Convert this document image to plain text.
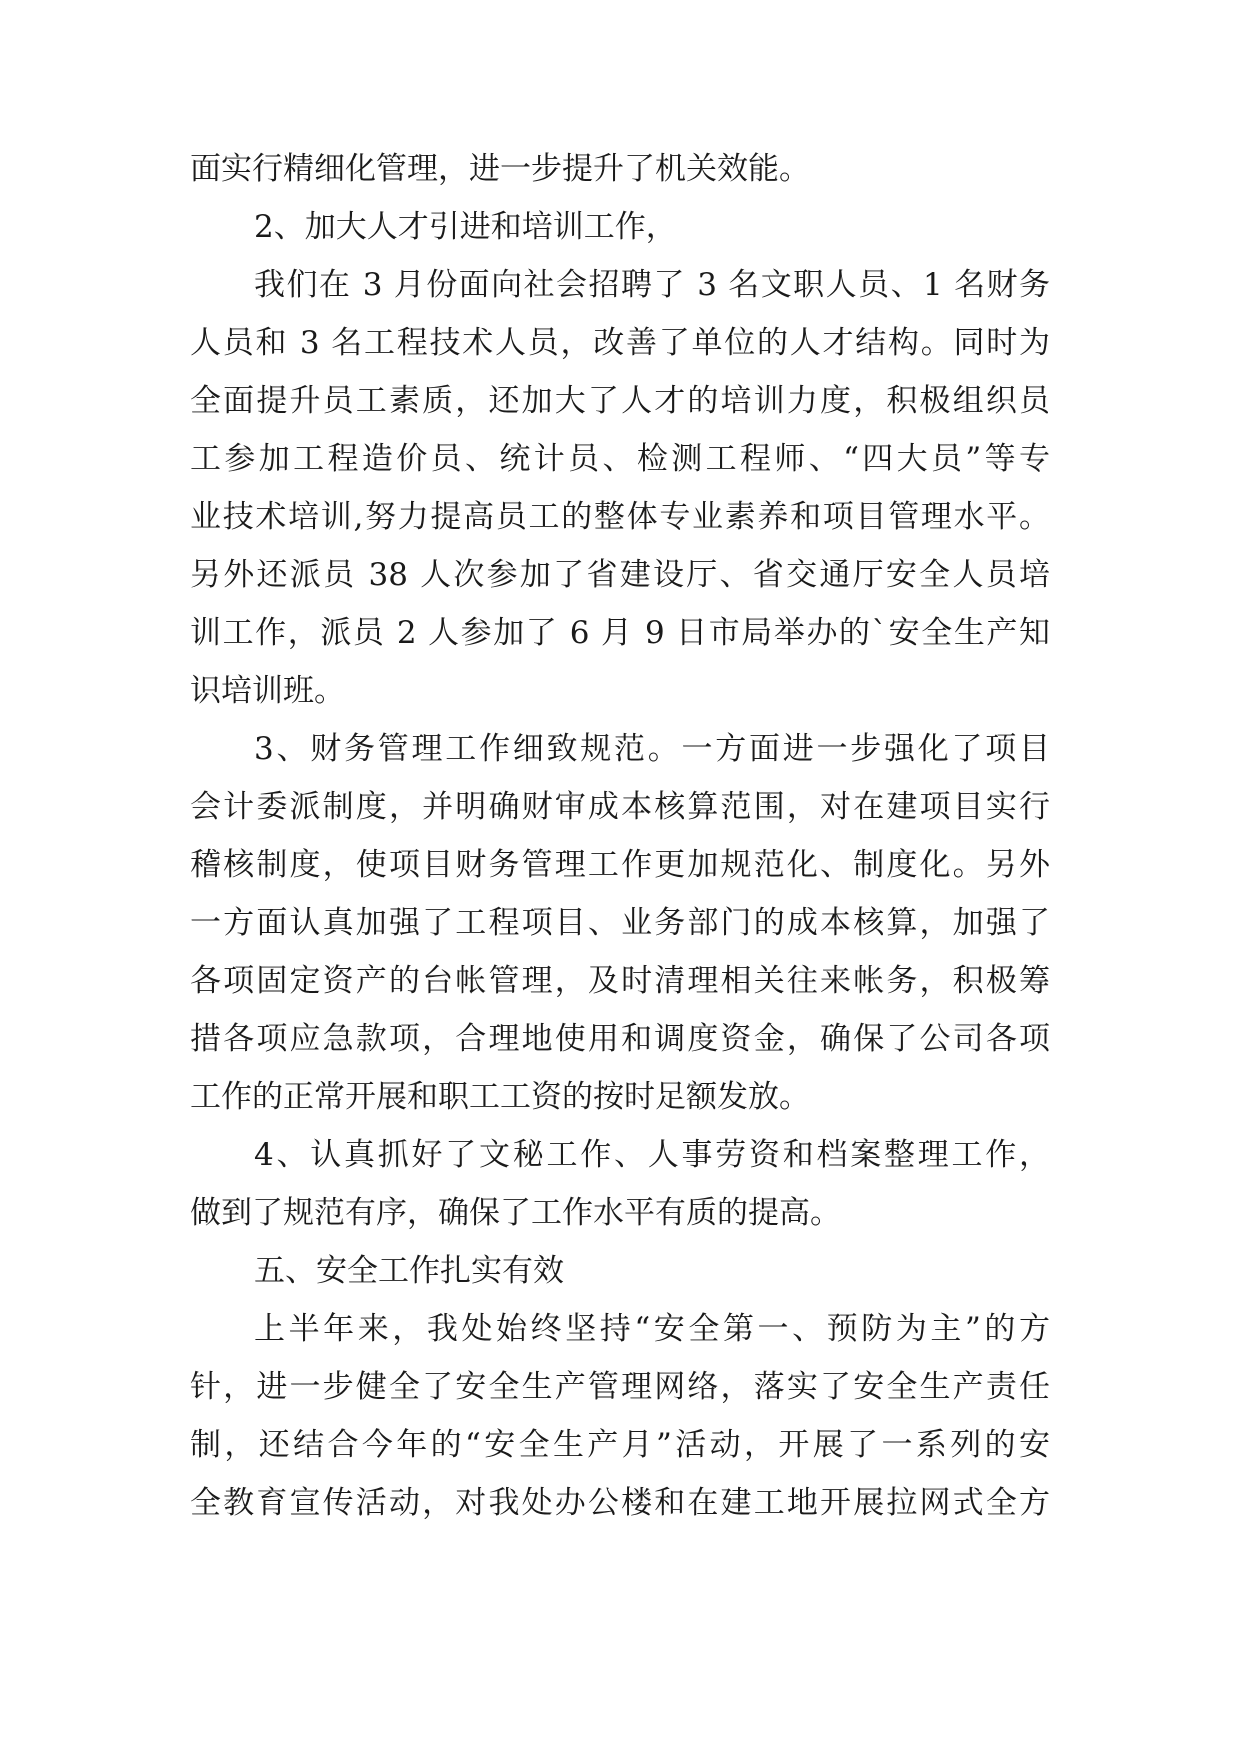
面实行精细化管理，进一步提升了机关效能。
2、加大人才引进和培训工作，
我们在 3 月份面向社会招聘了 3 名文职人员、1 名财务
人员和 3 名工程技术人员，改善了单位的人才结构。同时为
全面提升员工素质，还加大了人才的培训力度，积极组织员
工参加工程造价员、统计员、检测工程师、“四大员”等专
业技术培训,努力提高员工的整体专业素养和项目管理水平。
另外还派员 38 人次参加了省建设厅、省交通厅安全人员培
训工作，派员 2 人参加了 6 月 9 日市局举办的`安全生产知
识培训班。
3、财务管理工作细致规范。一方面进一步强化了项目
会计委派制度，并明确财审成本核算范围，对在建项目实行
稽核制度，使项目财务管理工作更加规范化、制度化。另外
一方面认真加强了工程项目、业务部门的成本核算，加强了
各项固定资产的台帐管理，及时清理相关往来帐务，积极筹
措各项应急款项，合理地使用和调度资金，确保了公司各项
工作的正常开展和职工工资的按时足额发放。
4、认真抓好了文秘工作、人事劳资和档案整理工作，
做到了规范有序，确保了工作水平有质的提高。
五、安全工作扎实有效
上半年来，我处始终坚持“安全第一、预防为主”的方
针，进一步健全了安全生产管理网络，落实了安全生产责任
制，还结合今年的“安全生产月”活动，开展了一系列的安
全教育宣传活动，对我处办公楼和在建工地开展拉网式全方
